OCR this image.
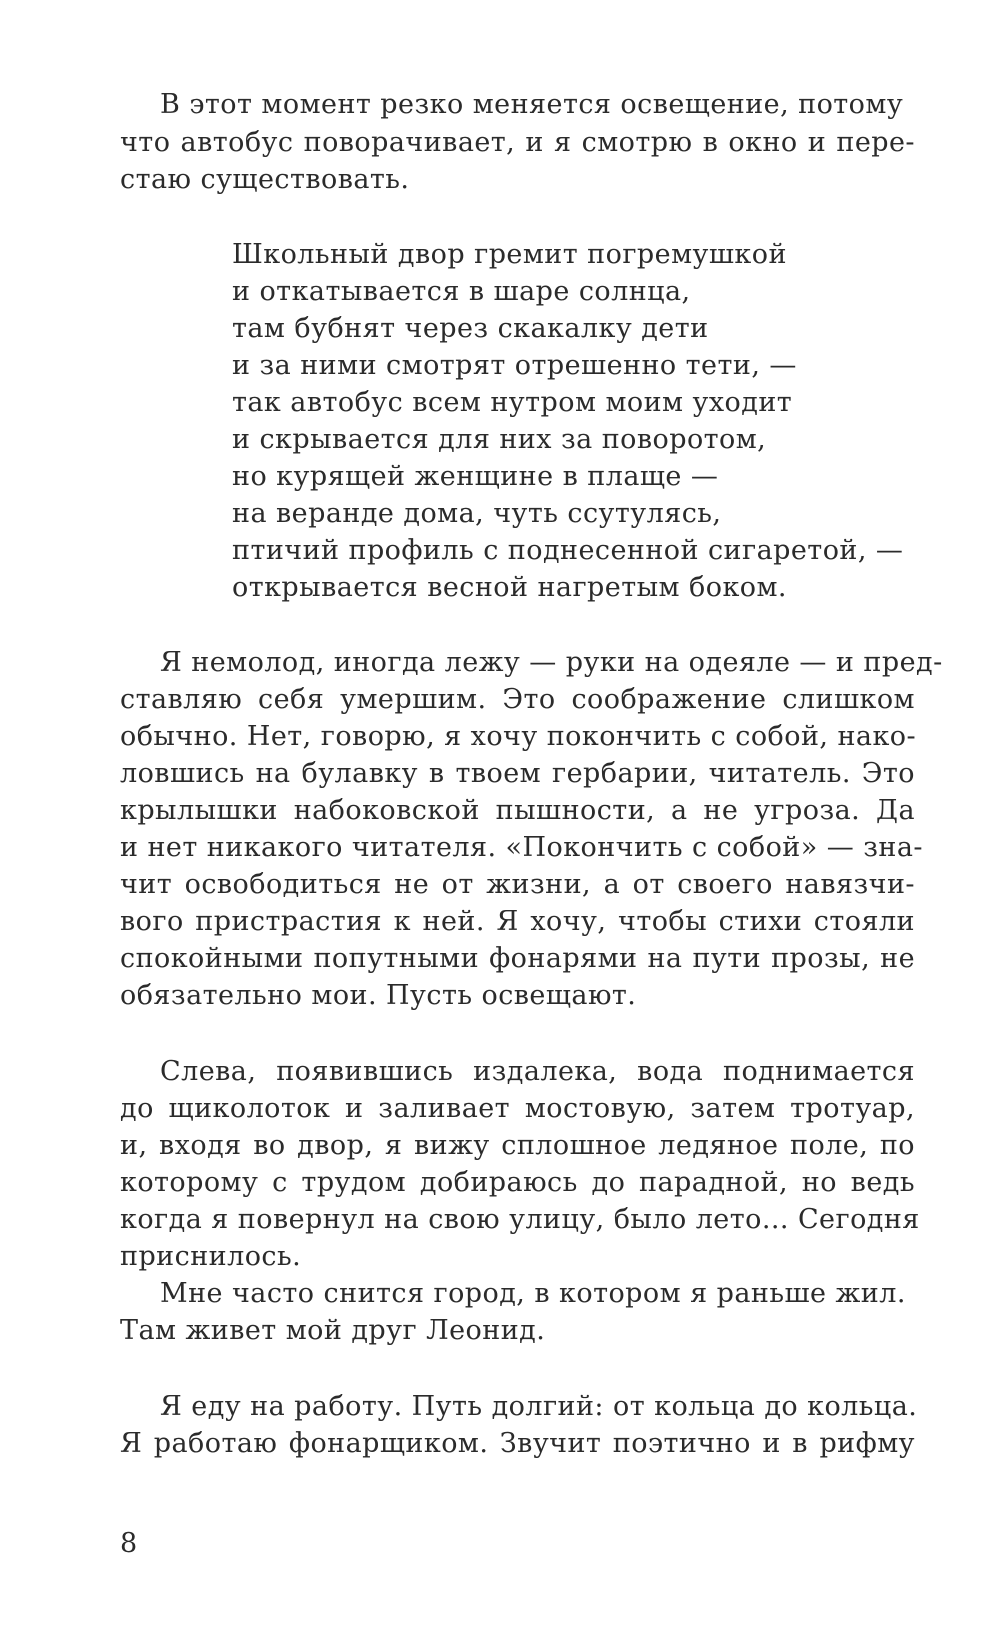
В этот момент резко меняется освещение, потому
что автобус поворачивает, и я смотрю в окно и пере-
стаю существовать.
Школьный двор гремит погремушкой
и откатывается в шаре солнца,
там бубнят через скакалку дети
и за ними смотрят отрешенно тети, —
так автобус всем нутром моим уходит
и скрывается для них за поворотом,
но курящей женщине в плаще —
на веранде дома, чуть ссутулясь,
птичий профиль с поднесенной сигаретой, —
открывается весной нагретым боком.
Я немолод, иногда лежу — руки на одеяле — и пред-
ставляю себя умершим. Это соображение слишком
обычно. Нет, говорю, я хочу покончить с собой, нако-
ловшись на булавку в твоем гербарии, читатель. Это
крылышки набоковской пышности, а не угроза. Да
и нет никакого читателя. «Покончить с собой» — зна-
чит освободиться не от жизни, а от своего навязчи-
вого пристрастия к ней. Я хочу, чтобы стихи стояли
спокойными попутными фонарями на пути прозы, не
обязательно мои. Пусть освещают.
Слева, появившись издалека, вода поднимается
до щиколоток и заливает мостовую, затем тротуар,
и, входя во двор, я вижу сплошное ледяное поле, по
которому с трудом добираюсь до парадной, но ведь
когда я повернул на свою улицу, было лето... Сегодня
приснилось.
Мне часто снится город, в котором я раньше жил.
Там живет мой друг Леонид.
Я еду на работу. Путь долгий: от кольца до кольца.
Я работаю фонарщиком. Звучит поэтично и в рифму
8
